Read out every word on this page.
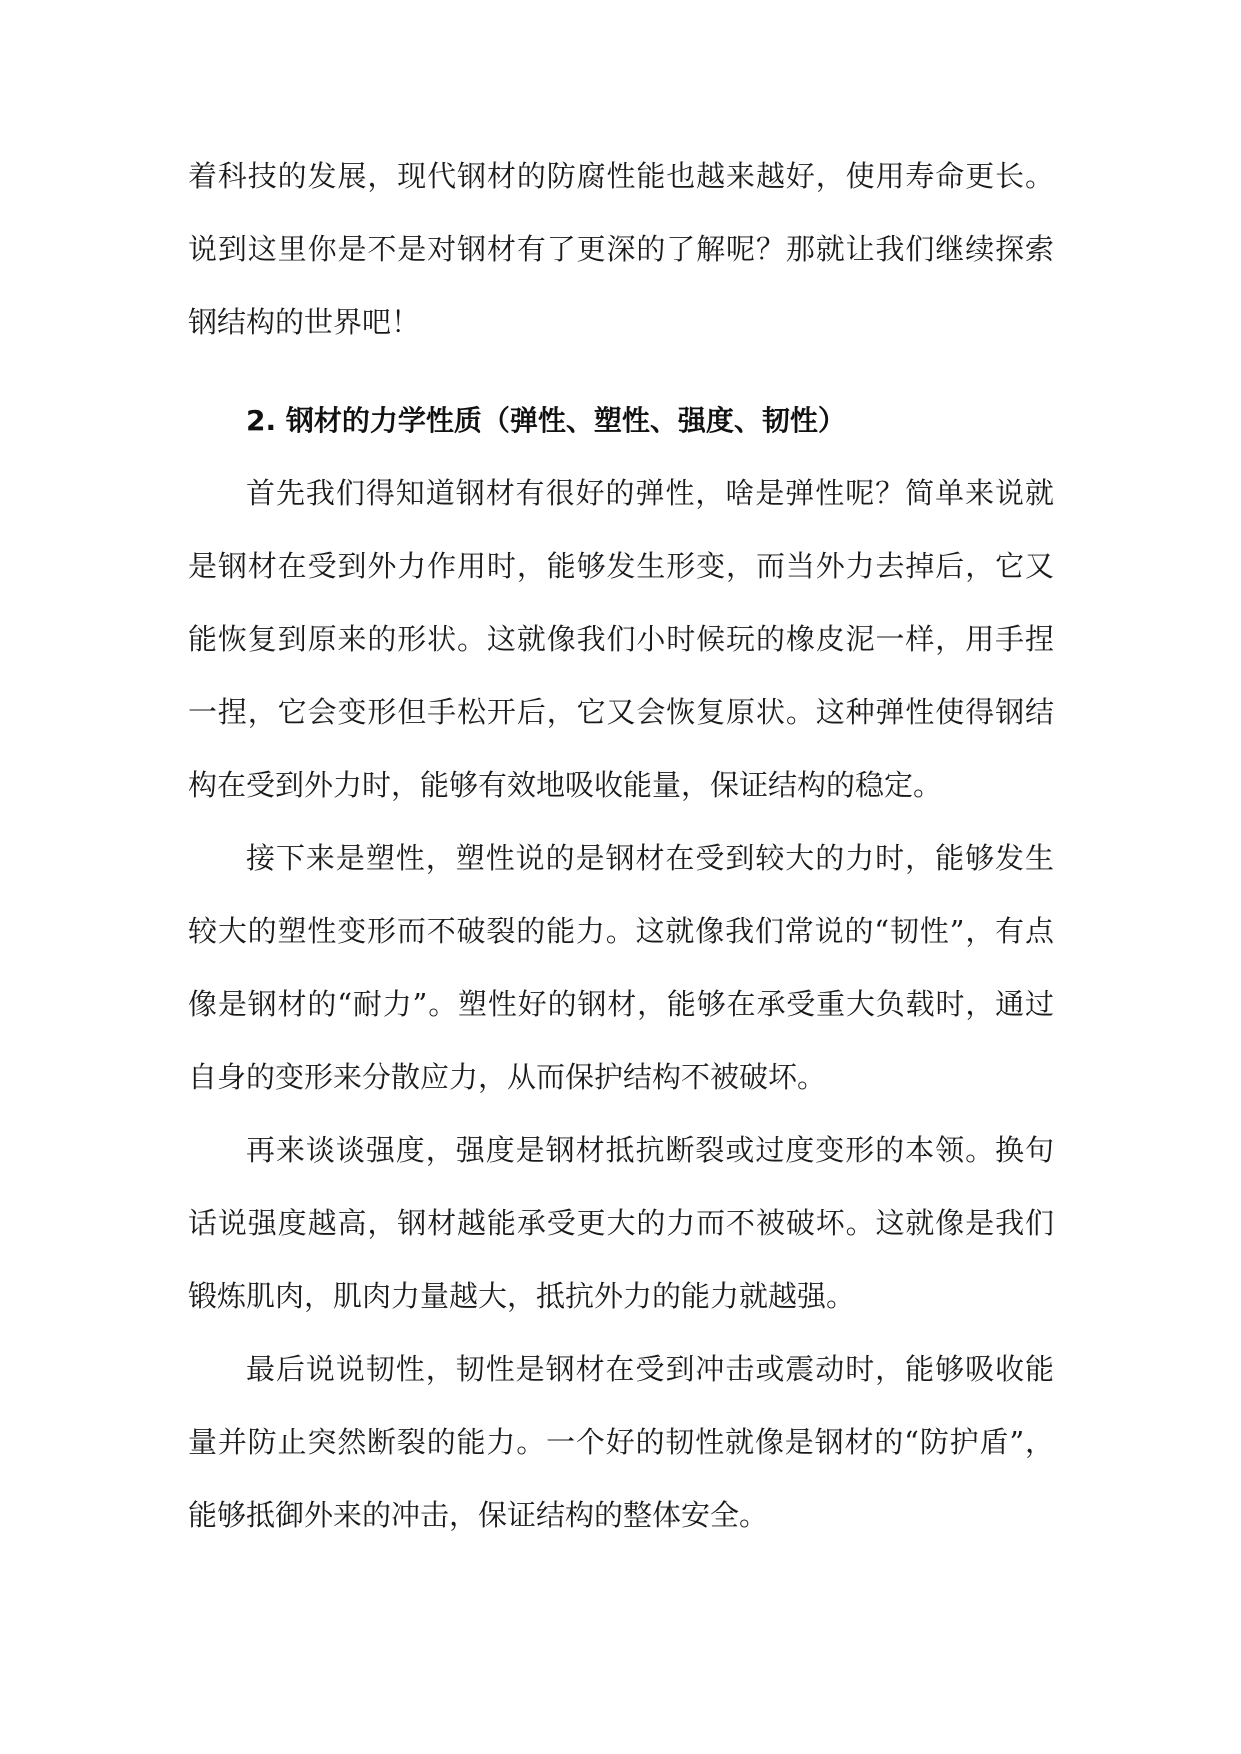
着科技的发展，现代钢材的防腐性能也越来越好，使用寿命更长。说到这里你是不是对钢材有了更深的了解呢？那就让我们继续探索钢结构的世界吧！

2. 钢材的力学性质（弹性、塑性、强度、韧性）

首先我们得知道钢材有很好的弹性，啥是弹性呢？简单来说就是钢材在受到外力作用时，能够发生形变，而当外力去掉后，它又能恢复到原来的形状。这就像我们小时候玩的橡皮泥一样，用手捏一捏，它会变形但手松开后，它又会恢复原状。这种弹性使得钢结构在受到外力时，能够有效地吸收能量，保证结构的稳定。

接下来是塑性，塑性说的是钢材在受到较大的力时，能够发生较大的塑性变形而不破裂的能力。这就像我们常说的“韧性”，有点像是钢材的“耐力”。塑性好的钢材，能够在承受重大负载时，通过自身的变形来分散应力，从而保护结构不被破坏。

再来谈谈强度，强度是钢材抵抗断裂或过度变形的本领。换句话说强度越高，钢材越能承受更大的力而不被破坏。这就像是我们锻炼肌肉，肌肉力量越大，抵抗外力的能力就越强。

最后说说韧性，韧性是钢材在受到冲击或震动时，能够吸收能量并防止突然断裂的能力。一个好的韧性就像是钢材的“防护盾”，能够抵御外来的冲击，保证结构的整体安全。
